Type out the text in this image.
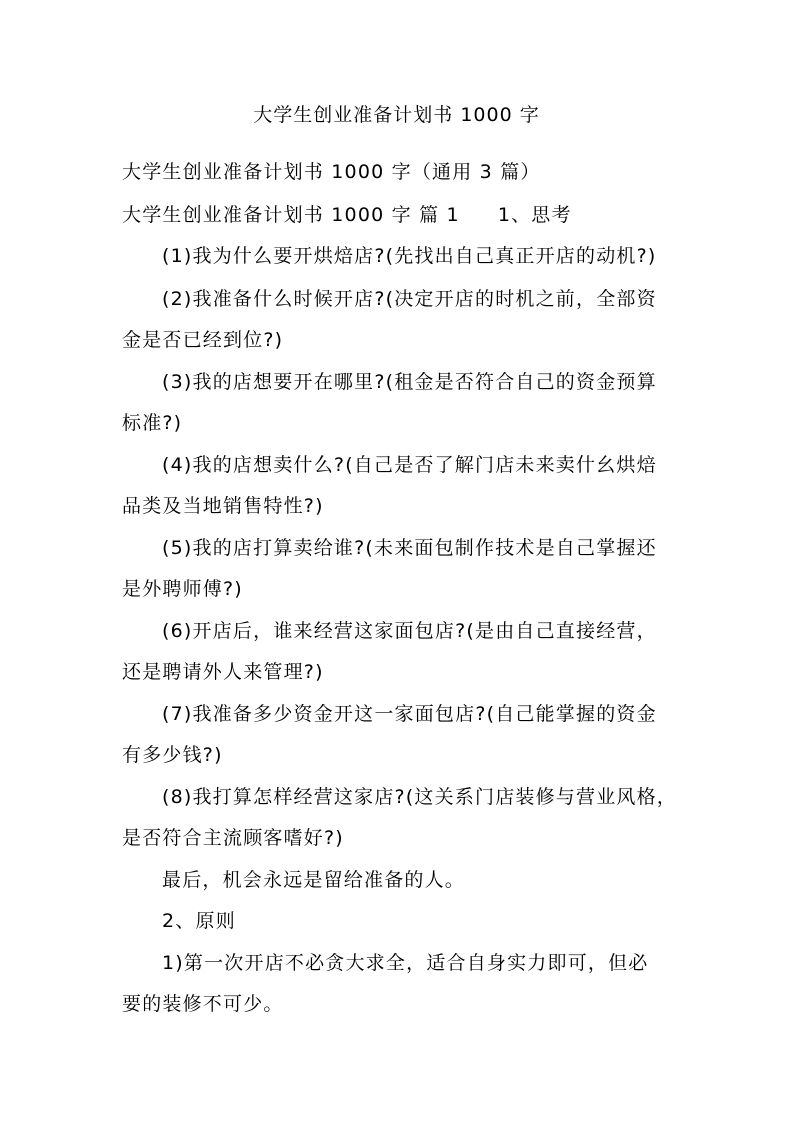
大学生创业准备计划书 1000 字
大学生创业准备计划书 1000 字（通用 3 篇）
大学生创业准备计划书 1000 字 篇 1 1、思考
(1)我为什么要开烘焙店?(先找出自己真正开店的动机?)
(2)我准备什么时候开店?(决定开店的时机之前，全部资
金是否已经到位?)
(3)我的店想要开在哪里?(租金是否符合自己的资金预算
标准?)
(4)我的店想卖什么?(自己是否了解门店未来卖什幺烘焙
品类及当地销售特性?)
(5)我的店打算卖给谁?(未来面包制作技术是自己掌握还
是外聘师傅?)
(6)开店后，谁来经营这家面包店?(是由自己直接经营，
还是聘请外人来管理?)
(7)我准备多少资金开这一家面包店?(自己能掌握的资金
有多少钱?)
(8)我打算怎样经营这家店?(这关系门店装修与营业风格，
是否符合主流顾客嗜好?)
最后，机会永远是留给准备的人。
2、原则
1)第一次开店不必贪大求全，适合自身实力即可，但必
要的装修不可少。
